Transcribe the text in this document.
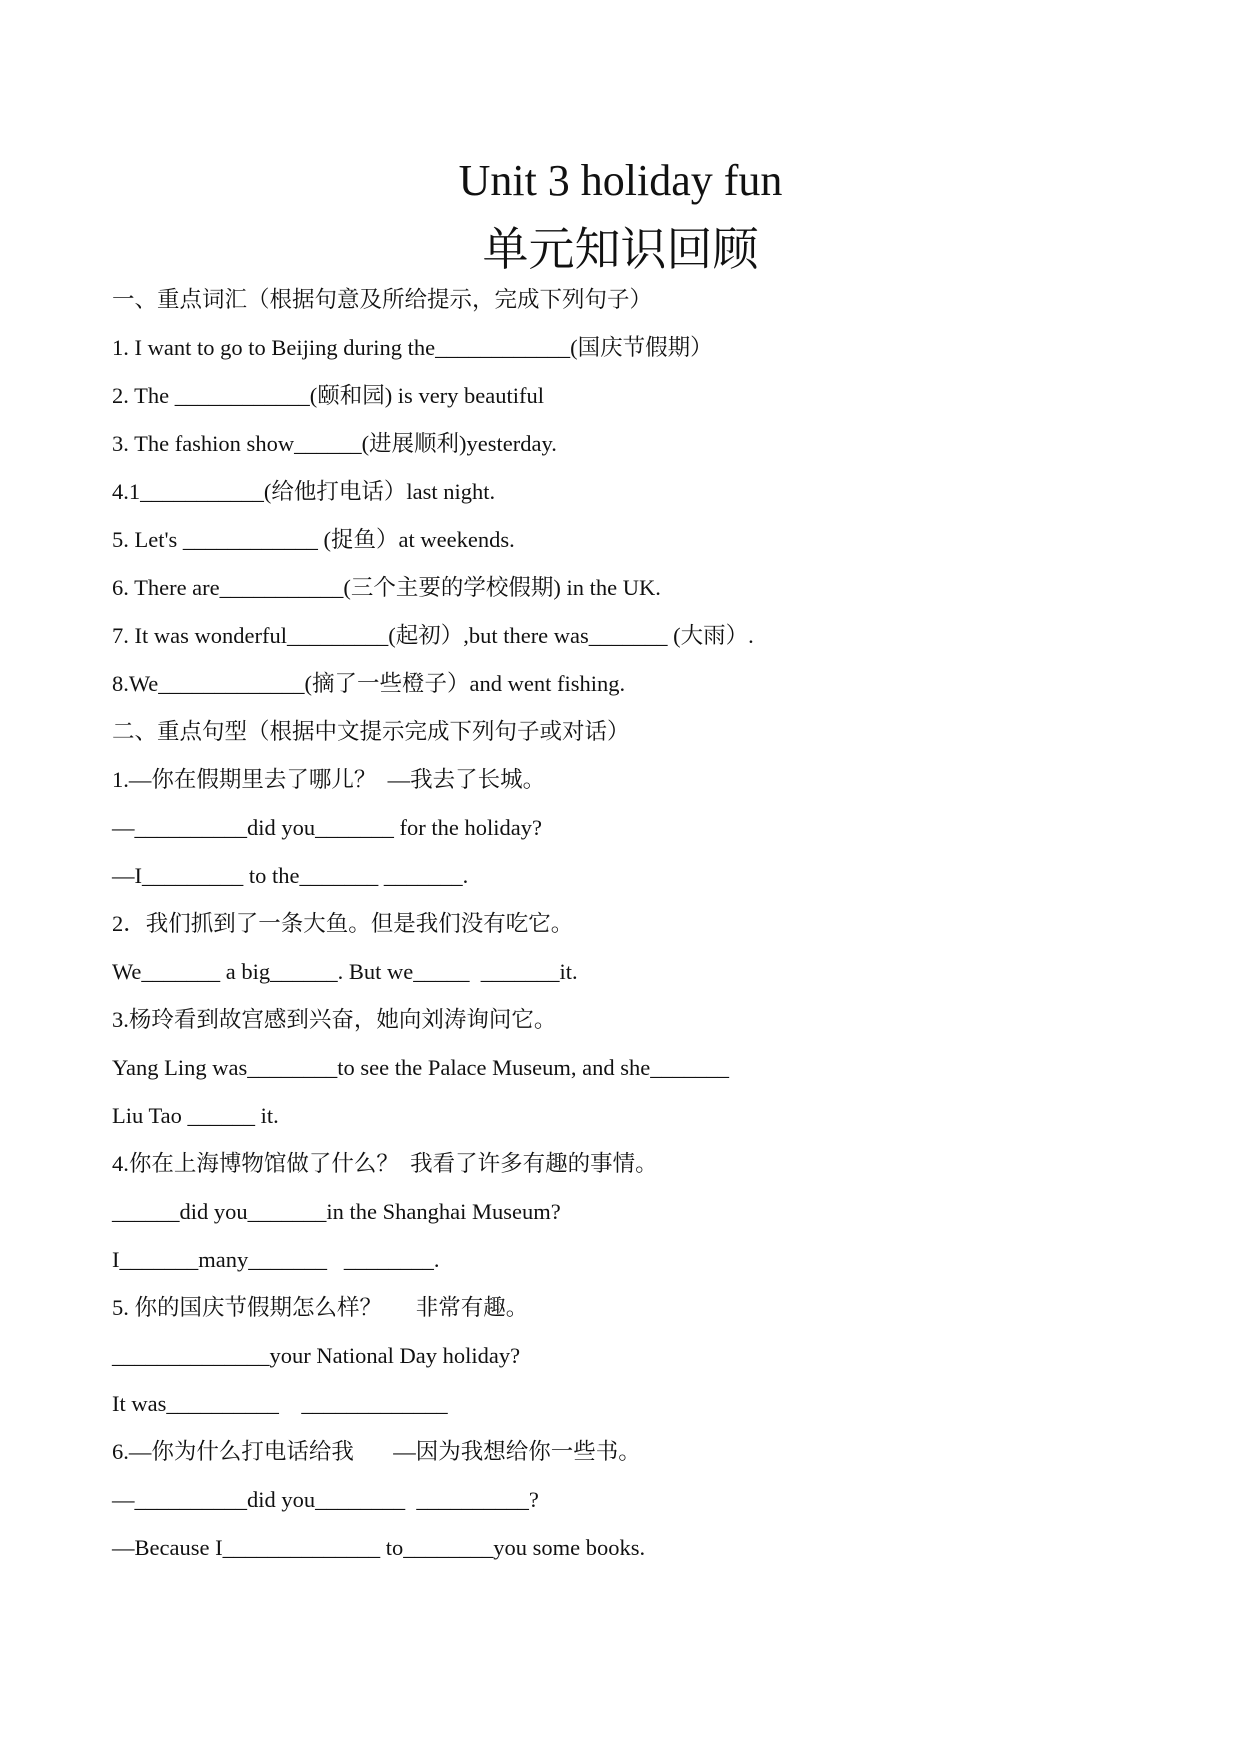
Unit 3 holiday fun
单元知识回顾
一、重点词汇（根据句意及所给提示，完成下列句子）
1. I want to go to Beijing during the____________(国庆节假期）
2. The ____________(颐和园) is very beautiful
3. The fashion show______(进展顺利)yesterday.
4.1___________(给他打电话）last night.
5. Let's ____________ (捉鱼）at weekends.
6. There are___________(三个主要的学校假期) in the UK.
7. It was wonderful_________(起初）,but there was_______ (大雨）.
8.We_____________(摘了一些橙子）and went fishing.
二、重点句型（根据中文提示完成下列句子或对话）
1.—你在假期里去了哪儿？  —我去了长城。
—__________did you_______ for the holiday?
—I_________ to the_______ _______.
2．我们抓到了一条大鱼。但是我们没有吃它。
We_______ a big______. But we_____  _______it.
3.杨玲看到故宫感到兴奋，她向刘涛询问它。
Yang Ling was________to see the Palace Museum, and she_______
Liu Tao ______ it.
4.你在上海博物馆做了什么？  我看了许多有趣的事情。
______did you_______in the Shanghai Museum?
I_______many_______   ________.
5. 你的国庆节假期怎么样？      非常有趣。
______________your National Day holiday?
It was__________    _____________
6.—你为什么打电话给我       —因为我想给你一些书。
—__________did you________  __________?
—Because I______________ to________you some books.
